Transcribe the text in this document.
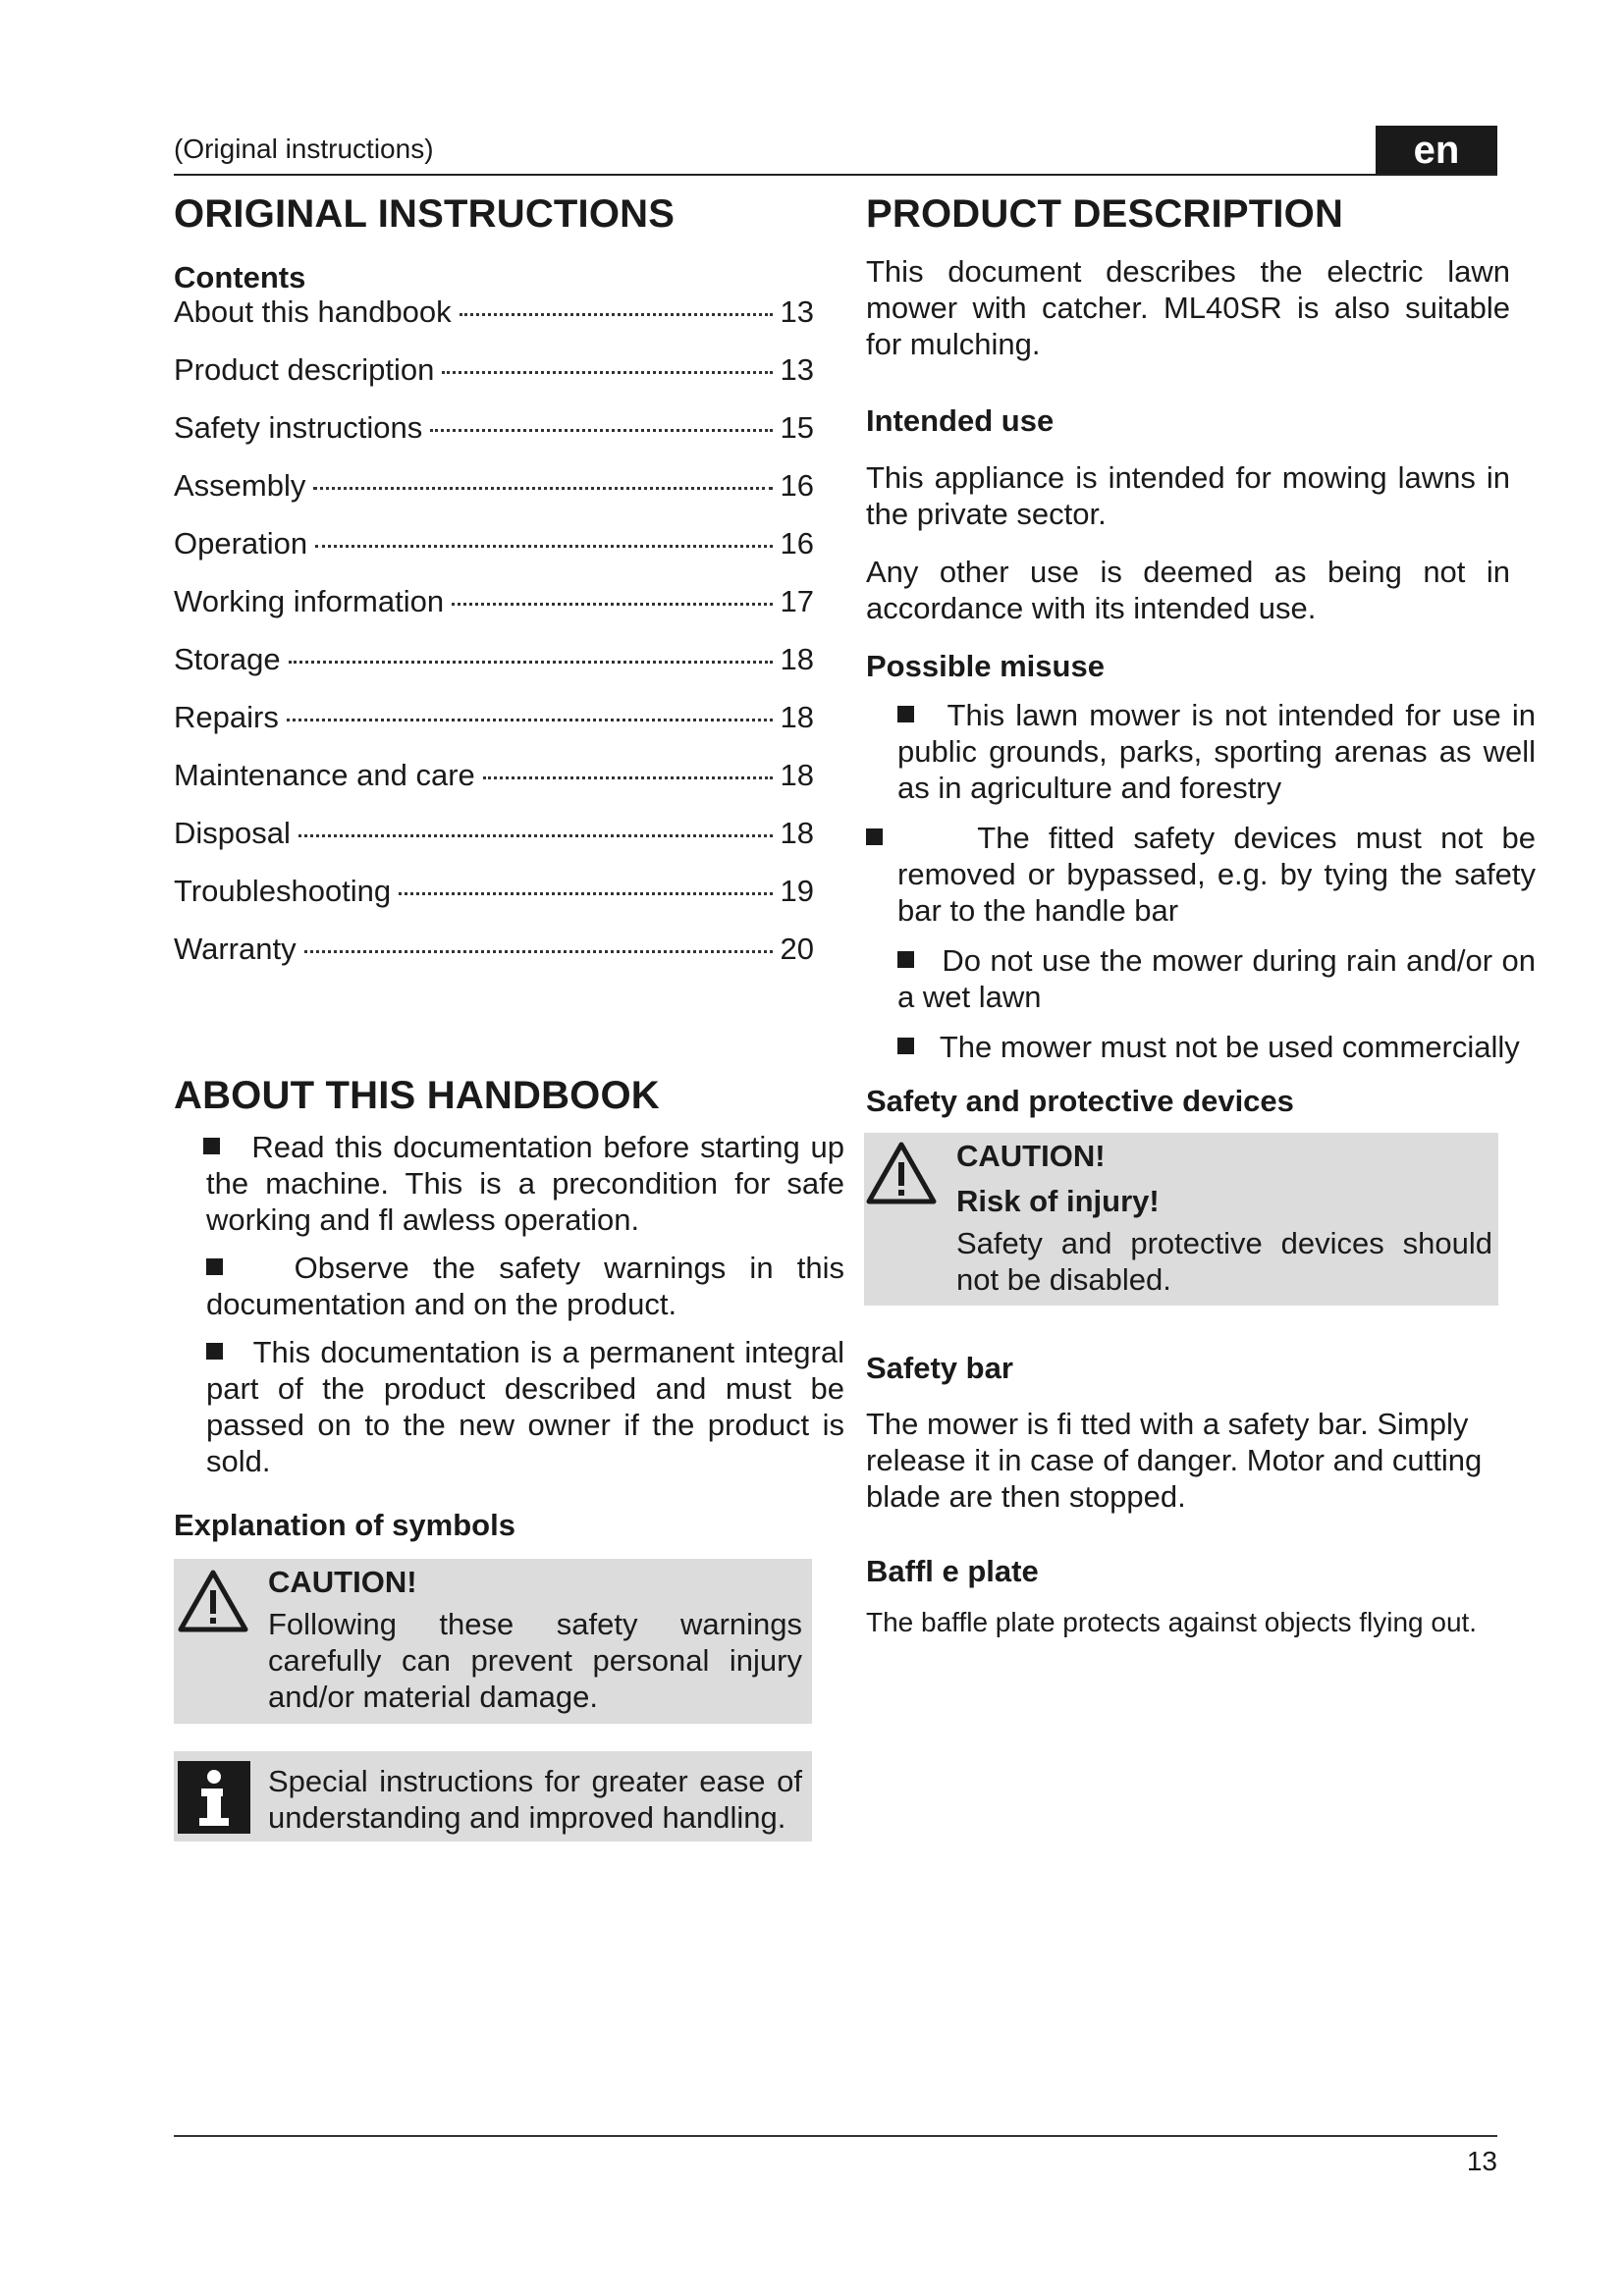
(Original instructions)	en
ORIGINAL INSTRUCTIONS
Contents
About this handbook	13
Product description	13
Safety instructions	15
Assembly	16
Operation	16
Working information	17
Storage	18
Repairs	18
Maintenance and care	18
Disposal	18
Troubleshooting	19
Warranty	20
ABOUT THIS HANDBOOK
Read this documentation before starting up the machine. This is a precondition for safe working and fl awless operation.
Observe the safety warnings in this documentation and on the product.
This documentation is a permanent integral part of the product described and must be passed on to the new owner if the product is sold.
Explanation of symbols
CAUTION!
Following these safety warnings carefully can prevent personal injury and/or material damage.
Special instructions for greater ease of understanding and improved handling.
PRODUCT DESCRIPTION
This document describes the electric lawn mower with catcher. ML40SR is also suitable for mulching.
Intended use
This appliance is intended for mowing lawns in the private sector.
Any other use is deemed as being not in accordance with its intended use.
Possible misuse
This lawn mower is not intended for use in public grounds, parks, sporting arenas as well as in agriculture and forestry
The fitted safety devices must not be removed or bypassed, e.g. by tying the safety bar to the handle bar
Do not use the mower during rain and/or on a wet lawn
The mower must not be used commercially
Safety and protective devices
CAUTION!
Risk of injury!
Safety and protective devices should not be disabled.
Safety bar
The mower is fi tted with a safety bar. Simply release it in case of danger. Motor and cutting blade are then stopped.
Baffl e plate
The baffle plate protects against objects flying out.
13
